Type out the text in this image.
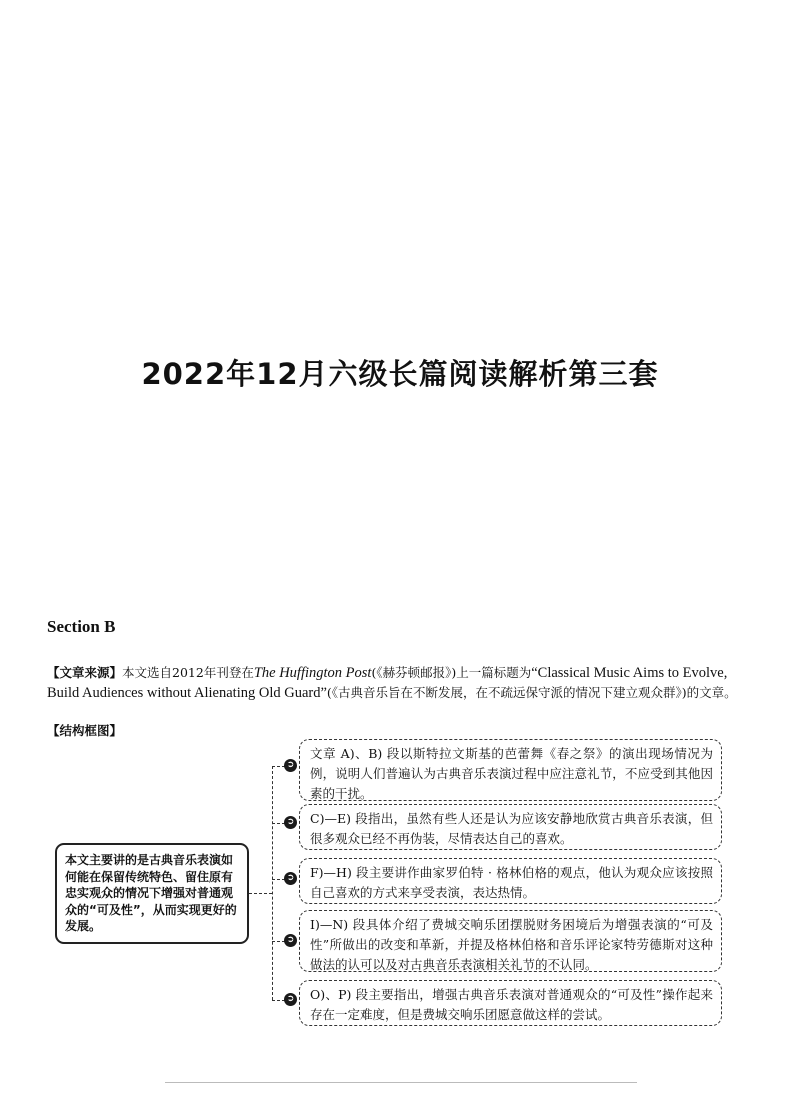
2022年12月六级长篇阅读解析第三套
Section B
【文章来源】本文选自2012年刊登在The Huffington Post(《赫芬顿邮报》)上一篇标题为“Classical Music Aims to Evolve, Build Audiences without Alienating Old Guard”(《古典音乐旨在不断发展，在不疏远保守派的情况下建立观众群》)的文章。
【结构框图】
本文主要讲的是古典音乐表演如何能在保留传统特色、留住原有忠实观众的情况下增强对普通观众的“可及性”，从而实现更好的发展。
➲
文章 A)、B) 段以斯特拉文斯基的芭蕾舞《春之祭》的演出现场情况为例，说明人们普遍认为古典音乐表演过程中应注意礼节，不应受到其他因素的干扰。
➲	C)—E) 段指出，虽然有些人还是认为应该安静地欣赏古典音乐表演，但很多观众已经不再伪装，尽情表达自己的喜欢。
➲	F)—H) 段主要讲作曲家罗伯特 · 格林伯格的观点，他认为观众应该按照自己喜欢的方式来享受表演，表达热情。
➲
I)—N) 段具体介绍了费城交响乐团摆脱财务困境后为增强表演的“可及性”所做出的改变和革新，并提及格林伯格和音乐评论家特劳德斯对这种做法的认可以及对古典音乐表演相关礼节的不认同。
➲	O)、P) 段主要指出，增强古典音乐表演对普通观众的“可及性”操作起来存在一定难度，但是费城交响乐团愿意做这样的尝试。
